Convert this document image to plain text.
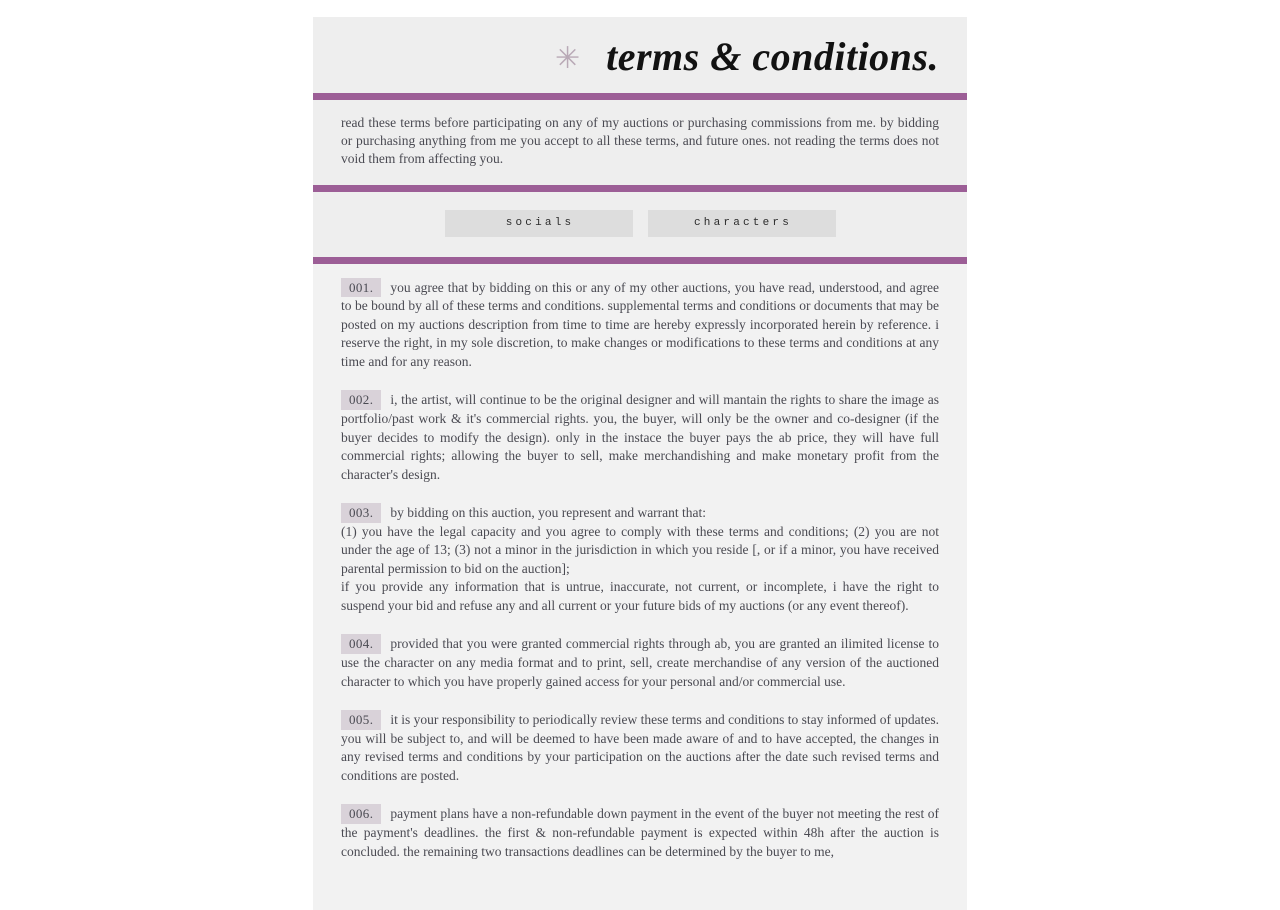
✳ terms & conditions.

read these terms before participating on any of my auctions or purchasing commissions from me. by bidding or purchasing anything from me you accept to all these terms, and future ones. not reading the terms does not void them from affecting you.

socials	characters

001. you agree that by bidding on this or any of my other auctions, you have read, understood, and agree to be bound by all of these terms and conditions. supplemental terms and conditions or documents that may be posted on my auctions description from time to time are hereby expressly incorporated herein by reference. i reserve the right, in my sole discretion, to make changes or modifications to these terms and conditions at any time and for any reason.

002. i, the artist, will continue to be the original designer and will mantain the rights to share the image as portfolio/past work & it's commercial rights. you, the buyer, will only be the owner and co-designer (if the buyer decides to modify the design). only in the instace the buyer pays the ab price, they will have full commercial rights; allowing the buyer to sell, make merchandishing and make monetary profit from the character's design.

003. by bidding on this auction, you represent and warrant that:

(1) you have the legal capacity and you agree to comply with these terms and conditions; (2) you are not under the age of 13; (3) not a minor in the jurisdiction in which you reside [, or if a minor, you have received parental permission to bid on the auction];

if you provide any information that is untrue, inaccurate, not current, or incomplete, i have the right to suspend your bid and refuse any and all current or your future bids of my auctions (or any event thereof).

004. provided that you were granted commercial rights through ab, you are granted an ilimited license to use the character on any media format and to print, sell, create merchandise of any version of the auctioned character to which you have properly gained access for your personal and/or commercial use.

005. it is your responsibility to periodically review these terms and conditions to stay informed of updates. you will be subject to, and will be deemed to have been made aware of and to have accepted, the changes in any revised terms and conditions by your participation on the auctions after the date such revised terms and conditions are posted.

006. payment plans have a non-refundable down payment in the event of the buyer not meeting the rest of the payment's deadlines. the first & non-refundable payment is expected within 48h after the auction is concluded. the remaining two transactions deadlines can be determined by the buyer to me,
